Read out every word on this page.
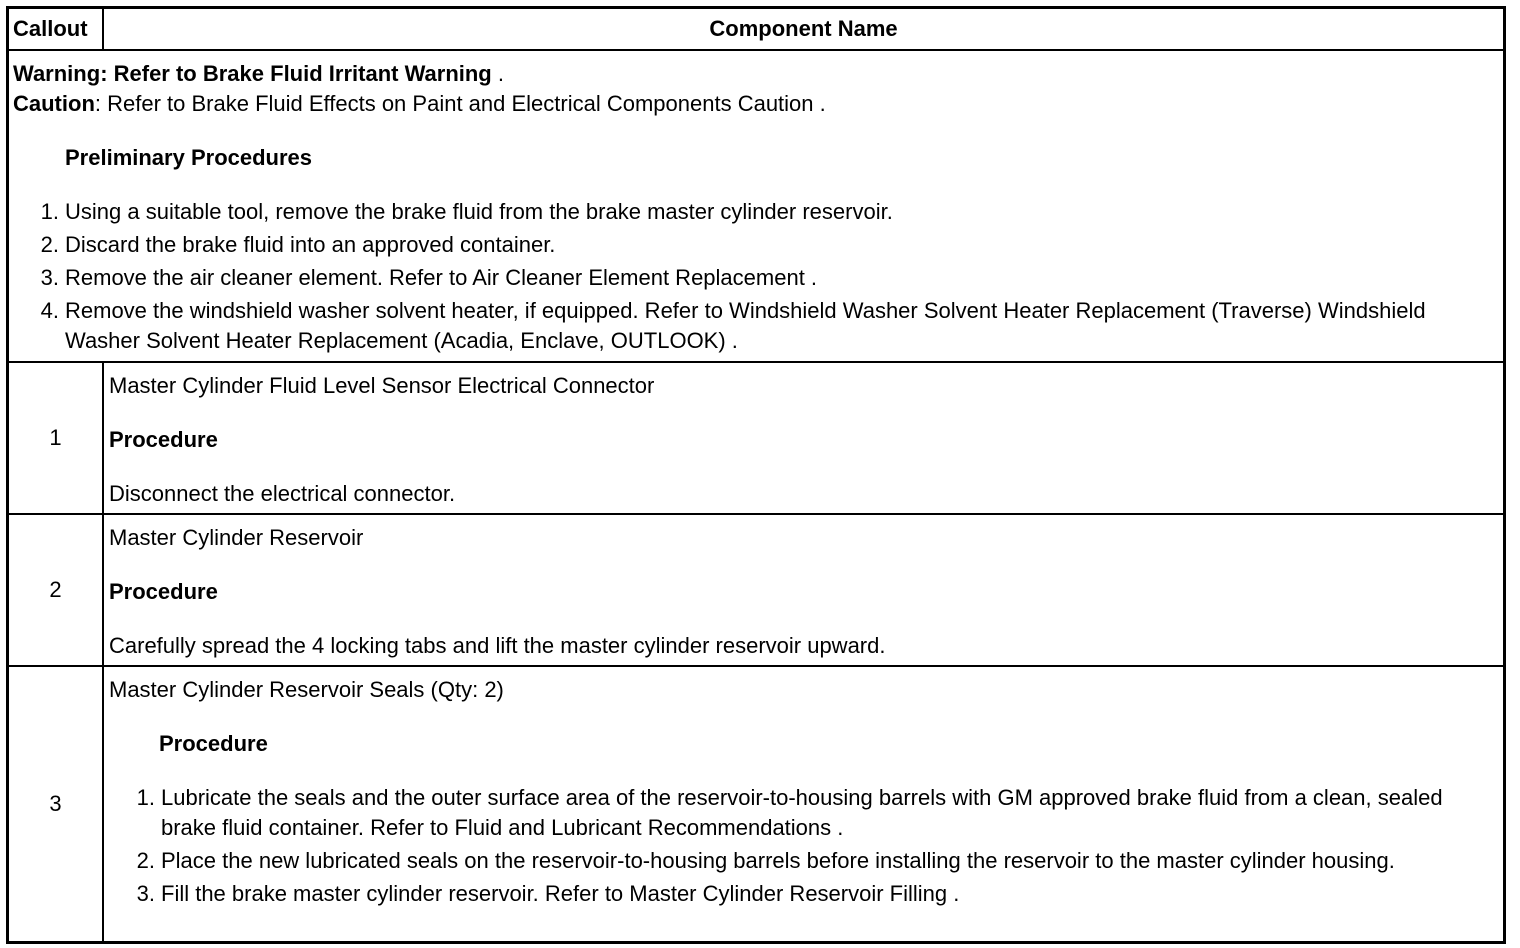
Callout	Component Name
Warning: Refer to Brake Fluid Irritant Warning .
Caution: Refer to Brake Fluid Effects on Paint and Electrical Components Caution .
Preliminary Procedures
1. Using a suitable tool, remove the brake fluid from the brake master cylinder reservoir.
2. Discard the brake fluid into an approved container.
3. Remove the air cleaner element. Refer to Air Cleaner Element Replacement .
4. Remove the windshield washer solvent heater, if equipped. Refer to Windshield Washer Solvent Heater Replacement (Traverse) Windshield Washer Solvent Heater Replacement (Acadia, Enclave, OUTLOOK) .
1
Master Cylinder Fluid Level Sensor Electrical Connector
Procedure
Disconnect the electrical connector.
2
Master Cylinder Reservoir
Procedure
Carefully spread the 4 locking tabs and lift the master cylinder reservoir upward.
3
Master Cylinder Reservoir Seals (Qty: 2)
Procedure
1. Lubricate the seals and the outer surface area of the reservoir-to-housing barrels with GM approved brake fluid from a clean, sealed brake fluid container. Refer to Fluid and Lubricant Recommendations .
2. Place the new lubricated seals on the reservoir-to-housing barrels before installing the reservoir to the master cylinder housing.
3. Fill the brake master cylinder reservoir. Refer to Master Cylinder Reservoir Filling .
